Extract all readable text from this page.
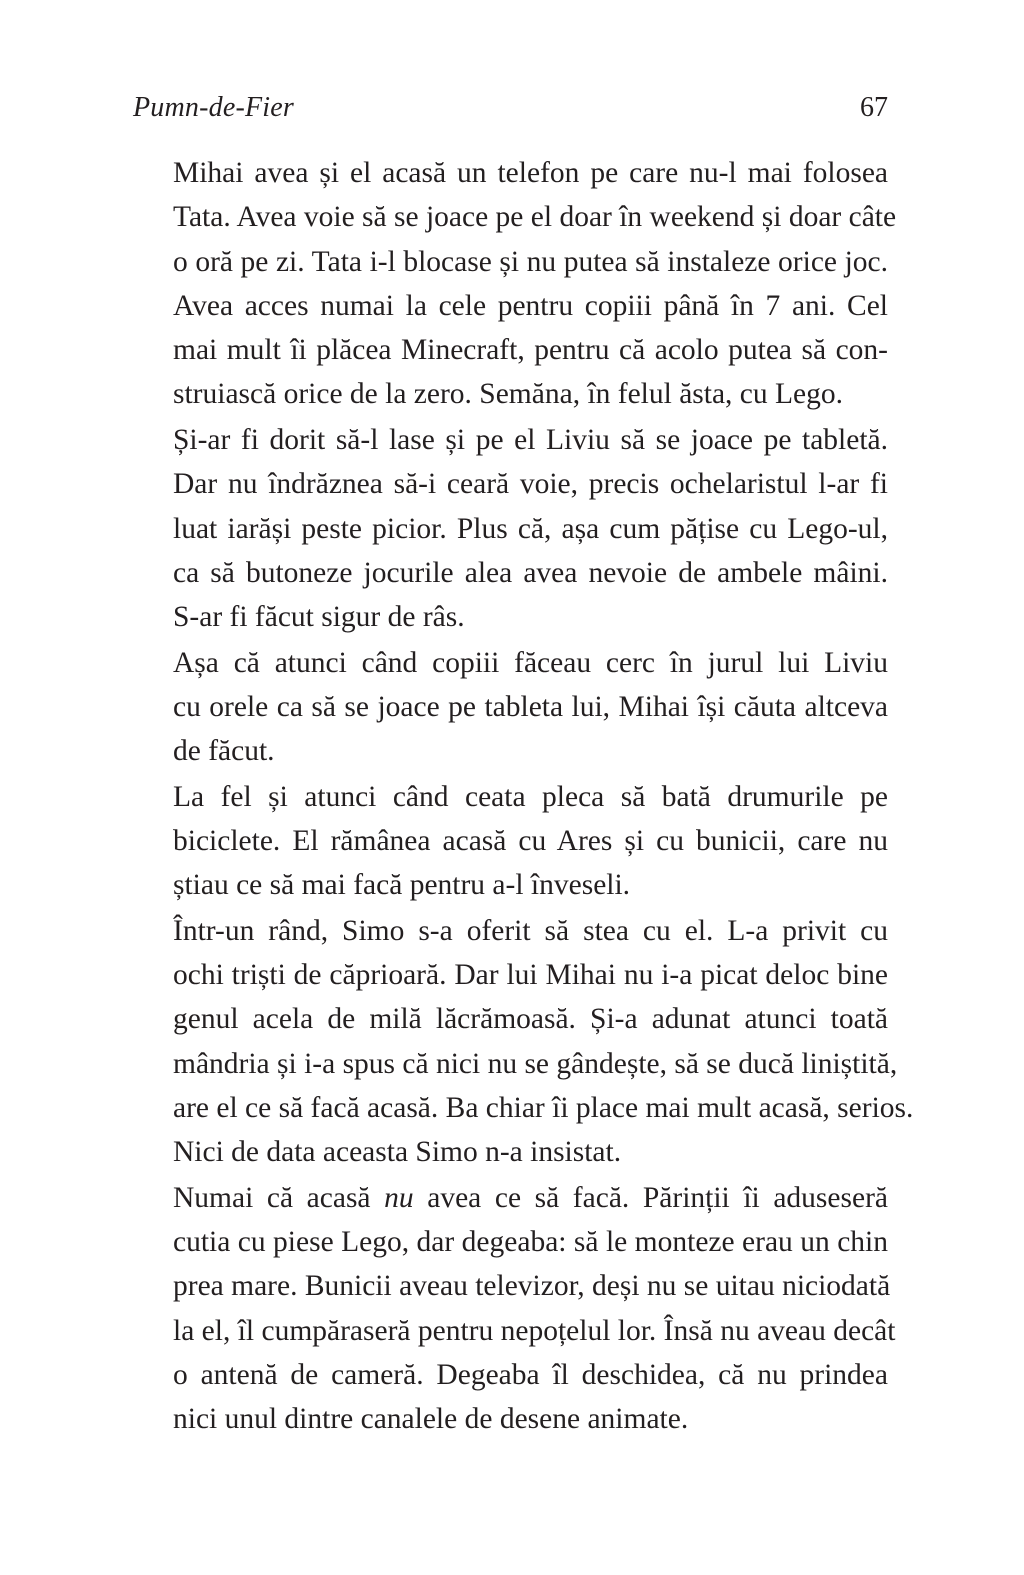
Pumn-de-Fier	67
Mihai avea și el acasă un telefon pe care nu-l mai folosea
Tata. Avea voie să se joace pe el doar în weekend și doar câte
o oră pe zi. Tata i-l blocase și nu putea să instaleze orice joc.
Avea acces numai la cele pentru copiii până în 7 ani. Cel
mai mult îi plăcea Minecraft, pentru că acolo putea să con-
struiască orice de la zero. Semăna, în felul ăsta, cu Lego.
Și-ar fi dorit să-l lase și pe el Liviu să se joace pe tabletă.
Dar nu îndrăznea să-i ceară voie, precis ochelaristul l-ar fi
luat iarăși peste picior. Plus că, așa cum pățise cu Lego-ul,
ca să butoneze jocurile alea avea nevoie de ambele mâini.
S-ar fi făcut sigur de râs.
Așa că atunci când copiii făceau cerc în jurul lui Liviu
cu orele ca să se joace pe tableta lui, Mihai își căuta altceva
de făcut.
La fel și atunci când ceata pleca să bată drumurile pe
biciclete. El rămânea acasă cu Ares și cu bunicii, care nu
știau ce să mai facă pentru a-l înveseli.
Într-un rând, Simo s-a oferit să stea cu el. L-a privit cu
ochi triști de căprioară. Dar lui Mihai nu i-a picat deloc bine
genul acela de milă lăcrămoasă. Și-a adunat atunci toată
mândria și i-a spus că nici nu se gândește, să se ducă liniștită,
are el ce să facă acasă. Ba chiar îi place mai mult acasă, serios.
Nici de data aceasta Simo n-a insistat.
Numai că acasă nu avea ce să facă. Părinții îi aduseseră
cutia cu piese Lego, dar degeaba: să le monteze erau un chin
prea mare. Bunicii aveau televizor, deși nu se uitau niciodată
la el, îl cumpăraseră pentru nepoțelul lor. Însă nu aveau decât
o antenă de cameră. Degeaba îl deschidea, că nu prindea
nici unul dintre canalele de desene animate.
